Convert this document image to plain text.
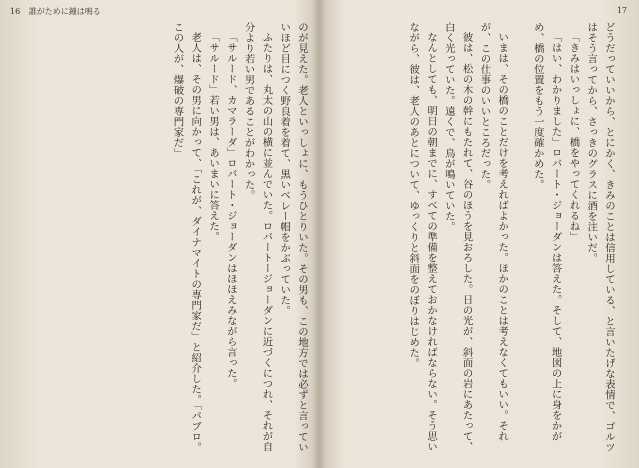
16 誰がために鐘は鳴る

のが見えた。老人といっしょに、もうひとりいた。その男も、この地方では必ずと言っていいほど目につく野良着を着て、黒いベレー帽をかぶっていた。

ふたりは、丸太の山の横に並んでいた。ロバートージョーダンに近づくにつれ、それが自分より若い男であることがわかった。

「サルード、カマラーダ」ロバート・ジョーダンはほほえみながら言った。

「サルード」若い男は、あいまいに答えた。

老人は、その男に向かって、「これが、ダイナマイトの専門家だ」と紹介した。「パブロ。この人が、爆破の専門家だ」

17

どうだっていいから、とにかく、きみのことは信用している、と言いたげな表情で、ゴルツはそう言ってから、さっきのグラスに酒を注いだ。

「きみはいっしょに、橋をやってくれるね」

「はい、わかりました」ロバート・ジョーダンは答えた。そして、地図の上に身をかがめ、橋の位置をもう一度確かめた。

いまは、その橋のことだけを考えればよかった。ほかのことは考えなくてもいい。それが、この仕事のいいところだった。

彼は、松の木の幹にもたれて、谷のほうを見おろした。日の光が、斜面の岩にあたって、白く光っていた。遠くで、鳥が鳴いていた。

なんとしても、明日の朝までに、すべての準備を整えておかなければならない。そう思いながら、彼は、老人のあとについて、ゆっくりと斜面をのぼりはじめた。
